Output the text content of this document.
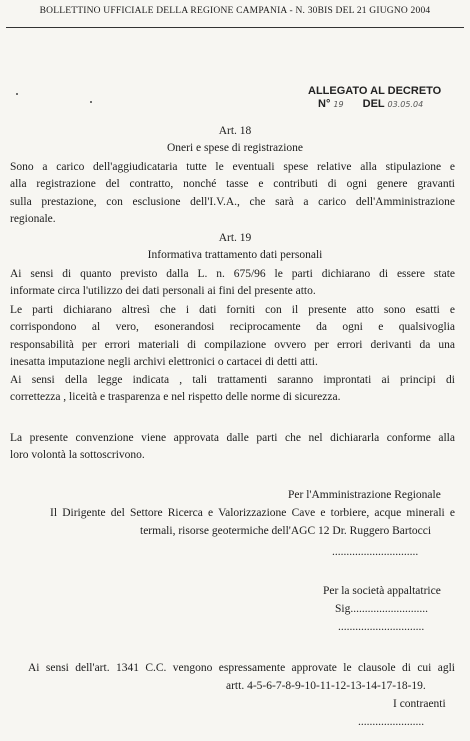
BOLLETTINO UFFICIALE DELLA REGIONE CAMPANIA - N. 30BIS DEL 21 GIUGNO 2004
ALLEGATO AL DECRETO
N° 19 DEL 03.05.04
Art. 18
Oneri e spese di registrazione
Sono a carico dell'aggiudicataria tutte le eventuali spese relative alla stipulazione e
alla registrazione del contratto, nonché tasse e contributi di ogni genere gravanti
sulla prestazione, con esclusione dell'I.V.A., che sarà a carico dell'Amministrazione
regionale.
Art. 19
Informativa trattamento dati personali
Ai sensi di quanto previsto dalla L. n. 675/96 le parti dichiarano di essere state
informate circa l'utilizzo dei dati personali ai fini del presente atto.
Le parti dichiarano altresì che i dati forniti con il presente atto sono esatti e
corrispondono al vero, esonerandosi reciprocamente da ogni e qualsivoglia
responsabilità per errori materiali di compilazione ovvero per errori derivanti da una
inesatta imputazione negli archivi elettronici o cartacei di detti atti.
Ai sensi della legge indicata , tali trattamenti saranno improntati ai principi di
correttezza , liceità e trasparenza e nel rispetto delle norme di sicurezza.
La presente convenzione viene approvata dalle parti che nel dichiararla conforme alla
loro volontà la sottoscrivono.
Per l'Amministrazione Regionale
Il Dirigente del Settore Ricerca e Valorizzazione Cave e torbiere, acque minerali e
termali, risorse geotermiche dell'AGC 12 Dr. Ruggero Bartocci
..............................
Per la società appaltatrice
Sig...........................
..............................
Ai sensi dell'art. 1341 C.C. vengono espressamente approvate le clausole di cui agli
artt. 4-5-6-7-8-9-10-11-12-13-14-17-18-19.
I contraenti
.......................
